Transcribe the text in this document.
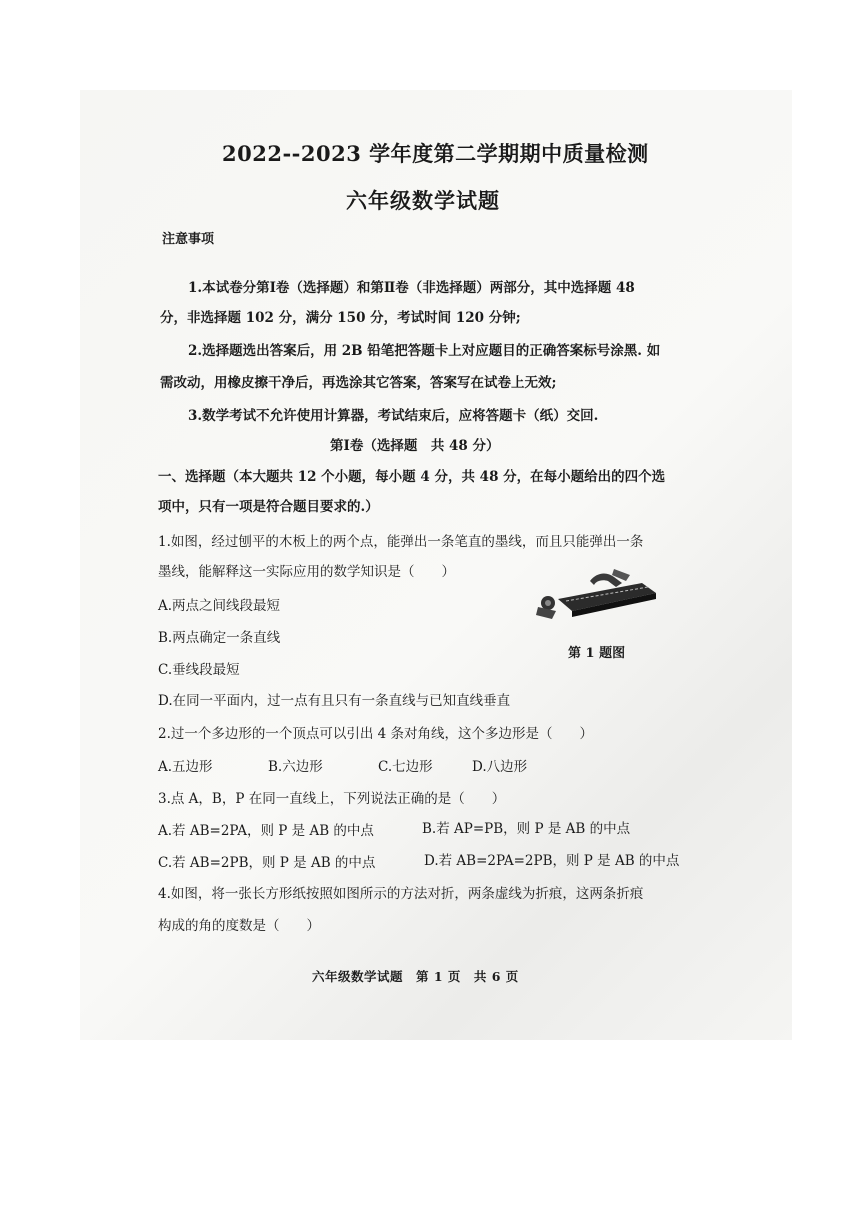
2022--2023 学年度第二学期期中质量检测
六年级数学试题
注意事项
1.本试卷分第Ⅰ卷（选择题）和第Ⅱ卷（非选择题）两部分，其中选择题 48
分，非选择题 102 分，满分 150 分，考试时间 120 分钟;
2.选择题选出答案后，用 2B 铅笔把答题卡上对应题目的正确答案标号涂黑. 如
需改动，用橡皮擦干净后，再选涂其它答案，答案写在试卷上无效;
3.数学考试不允许使用计算器，考试结束后，应将答题卡（纸）交回.
第Ⅰ卷（选择题　共 48 分）
一、选择题（本大题共 12 个小题，每小题 4 分，共 48 分，在每小题给出的四个选
项中，只有一项是符合题目要求的.）
1.如图，经过刨平的木板上的两个点，能弹出一条笔直的墨线，而且只能弹出一条
墨线，能解释这一实际应用的数学知识是（　　）
A.两点之间线段最短
B.两点确定一条直线
C.垂线段最短
D.在同一平面内，过一点有且只有一条直线与已知直线垂直
第 1 题图
2.过一个多边形的一个顶点可以引出 4 条对角线，这个多边形是（　　）
A.五边形	B.六边形	C.七边形	D.八边形
3.点 A，B，P 在同一直线上，下列说法正确的是（　　）
A.若 AB=2PA，则 P 是 AB 的中点	B.若 AP=PB，则 P 是 AB 的中点
C.若 AB=2PB，则 P 是 AB 的中点	D.若 AB=2PA=2PB，则 P 是 AB 的中点
4.如图，将一张长方形纸按照如图所示的方法对折，两条虚线为折痕，这两条折痕
构成的角的度数是（　　）
六年级数学试题　第 1 页　共 6 页
